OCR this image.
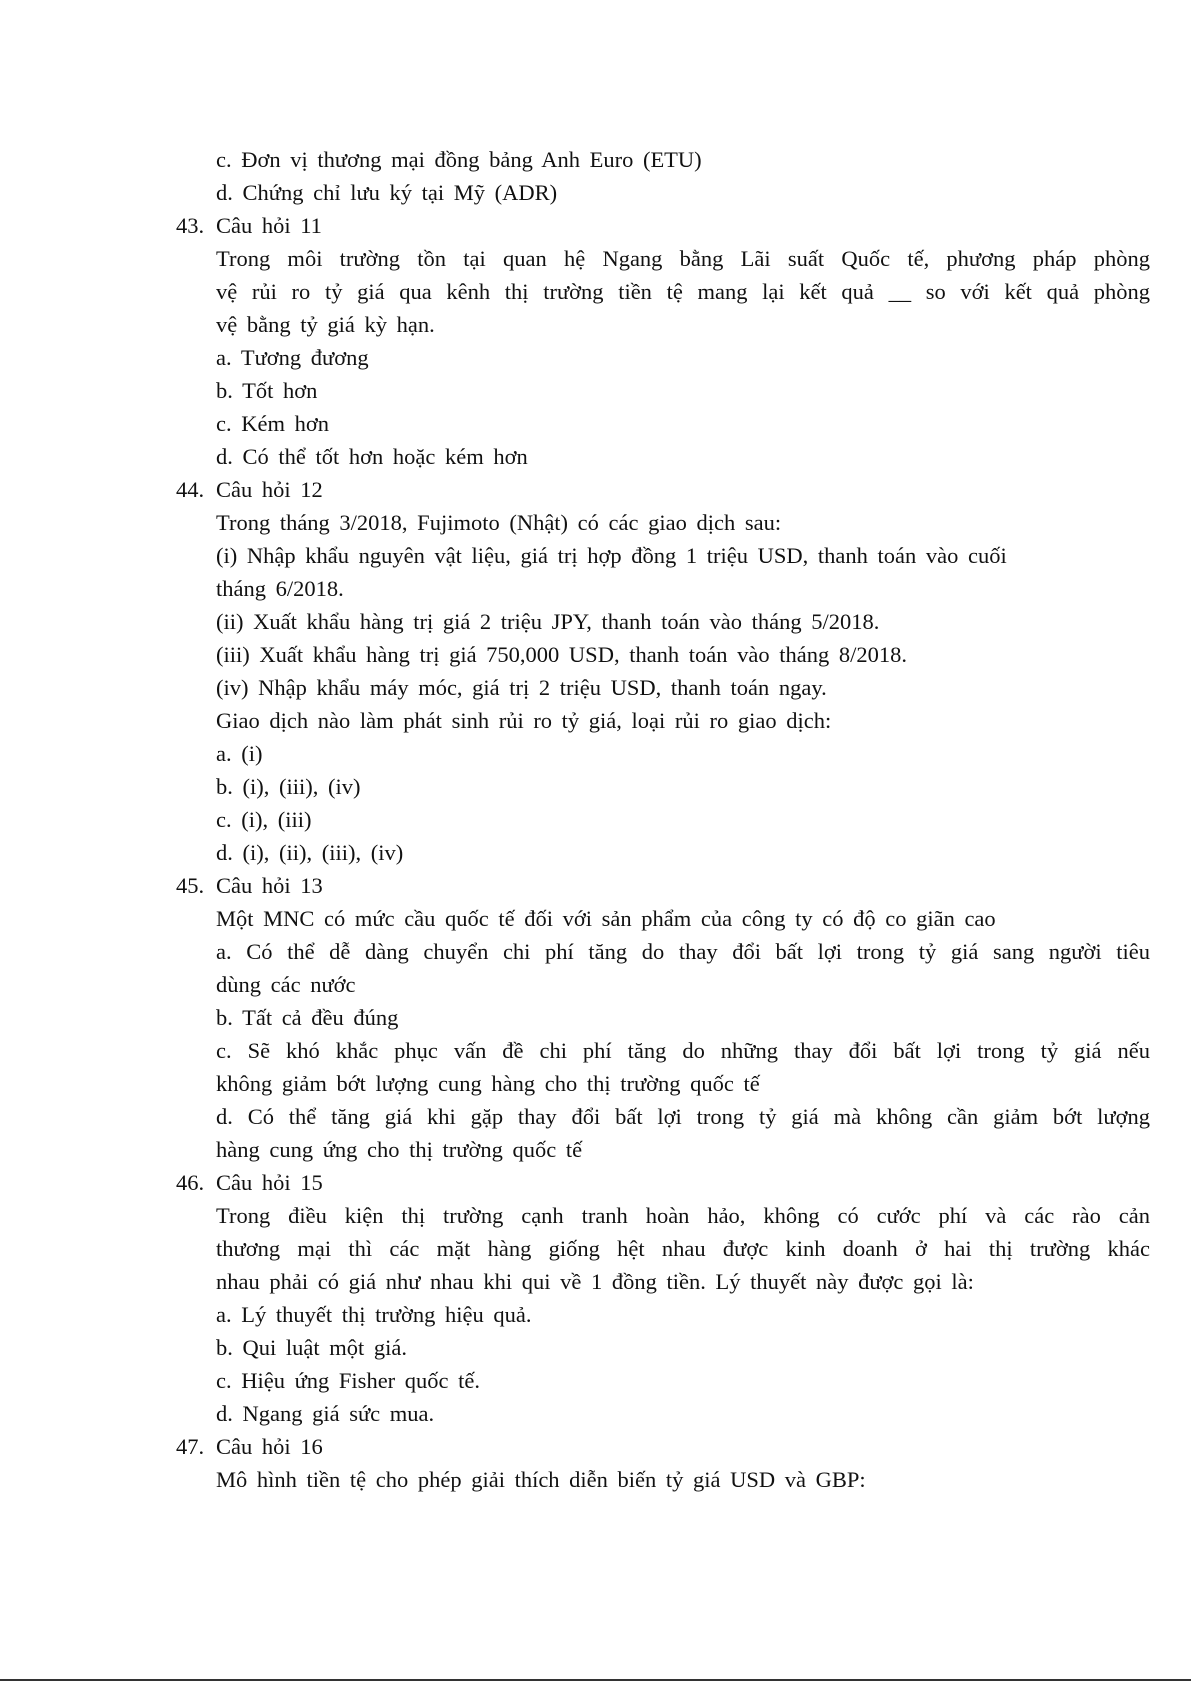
c. Đơn vị thương mại đồng bảng Anh Euro (ETU)
d. Chứng chỉ lưu ký tại Mỹ (ADR)
43. Câu hỏi 11
Trong môi trường tồn tại quan hệ Ngang bằng Lãi suất Quốc tế, phương pháp phòng
vệ rủi ro tỷ giá qua kênh thị trường tiền tệ mang lại kết quả __ so với kết quả phòng
vệ bằng tỷ giá kỳ hạn.
a. Tương đương
b. Tốt hơn
c. Kém hơn
d. Có thể tốt hơn hoặc kém hơn
44. Câu hỏi 12
Trong tháng 3/2018, Fujimoto (Nhật) có các giao dịch sau:
(i) Nhập khẩu nguyên vật liệu, giá trị hợp đồng 1 triệu USD, thanh toán vào cuối
tháng 6/2018.
(ii) Xuất khẩu hàng trị giá 2 triệu JPY, thanh toán vào tháng 5/2018.
(iii) Xuất khẩu hàng trị giá 750,000 USD, thanh toán vào tháng 8/2018.
(iv) Nhập khẩu máy móc, giá trị 2 triệu USD, thanh toán ngay.
Giao dịch nào làm phát sinh rủi ro tỷ giá, loại rủi ro giao dịch:
a. (i)
b. (i), (iii), (iv)
c. (i), (iii)
d. (i), (ii), (iii), (iv)
45. Câu hỏi 13
Một MNC có mức cầu quốc tế đối với sản phẩm của công ty có độ co giãn cao
a. Có thể dễ dàng chuyển chi phí tăng do thay đổi bất lợi trong tỷ giá sang người tiêu
dùng các nước
b. Tất cả đều đúng
c. Sẽ khó khắc phục vấn đề chi phí tăng do những thay đổi bất lợi trong tỷ giá nếu
không giảm bớt lượng cung hàng cho thị trường quốc tế
d. Có thể tăng giá khi gặp thay đổi bất lợi trong tỷ giá mà không cần giảm bớt lượng
hàng cung ứng cho thị trường quốc tế
46. Câu hỏi 15
Trong điều kiện thị trường cạnh tranh hoàn hảo, không có cước phí và các rào cản
thương mại thì các mặt hàng giống hệt nhau được kinh doanh ở hai thị trường khác
nhau phải có giá như nhau khi qui về 1 đồng tiền. Lý thuyết này được gọi là:
a. Lý thuyết thị trường hiệu quả.
b. Qui luật một giá.
c. Hiệu ứng Fisher quốc tế.
d. Ngang giá sức mua.
47. Câu hỏi 16
Mô hình tiền tệ cho phép giải thích diễn biến tỷ giá USD và GBP:
